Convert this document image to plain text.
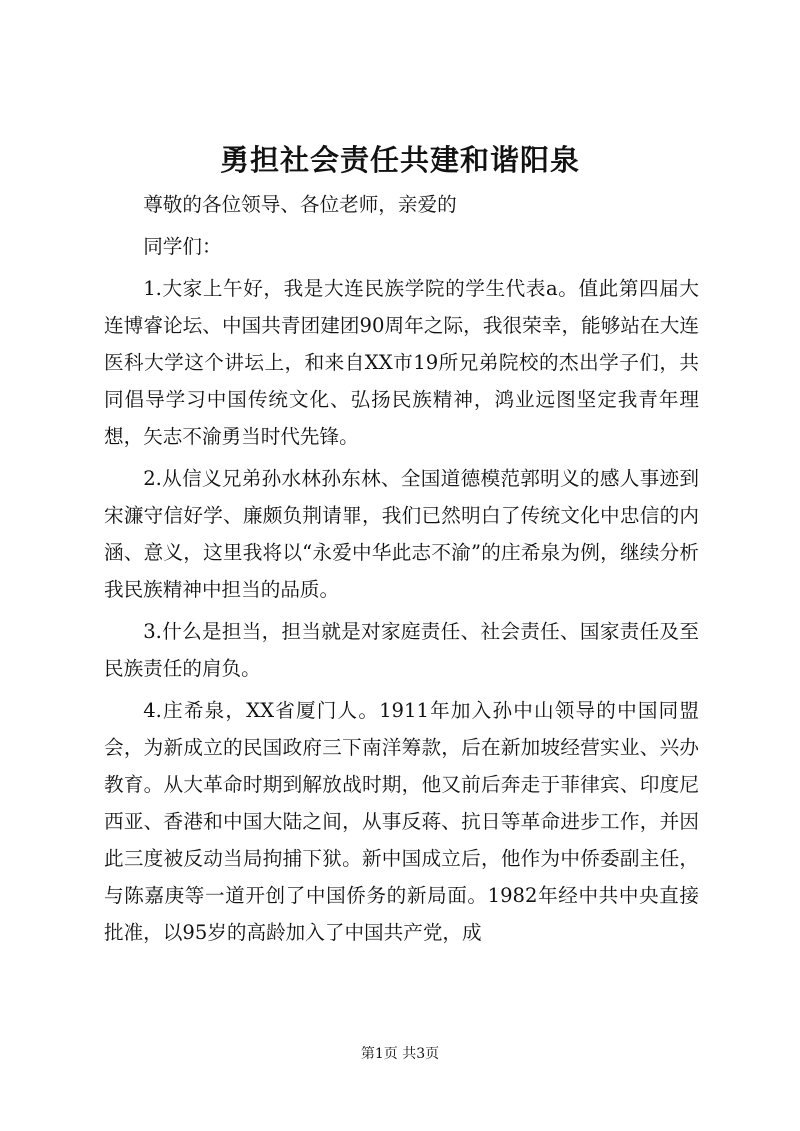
勇担社会责任共建和谐阳泉

尊敬的各位领导、各位老师，亲爱的

同学们：

1.大家上午好，我是大连民族学院的学生代表a。值此第四届大连博睿论坛、中国共青团建团90周年之际，我很荣幸，能够站在大连医科大学这个讲坛上，和来自XX市19所兄弟院校的杰出学子们，共同倡导学习中国传统文化、弘扬民族精神，鸿业远图坚定我青年理想，矢志不渝勇当时代先锋。

2.从信义兄弟孙水林孙东林、全国道德模范郭明义的感人事迹到宋濂守信好学、廉颇负荆请罪，我们已然明白了传统文化中忠信的内涵、意义，这里我将以“永爱中华此志不渝”的庄希泉为例，继续分析我民族精神中担当的品质。

3.什么是担当，担当就是对家庭责任、社会责任、国家责任及至民族责任的肩负。

4.庄希泉，XX省厦门人。1911年加入孙中山领导的中国同盟会，为新成立的民国政府三下南洋筹款，后在新加坡经营实业、兴办教育。从大革命时期到解放战时期，他又前后奔走于菲律宾、印度尼西亚、香港和中国大陆之间，从事反蒋、抗日等革命进步工作，并因此三度被反动当局拘捕下狱。新中国成立后，他作为中侨委副主任，与陈嘉庚等一道开创了中国侨务的新局面。1982年经中共中央直接批准，以95岁的高龄加入了中国共产党，成

第1页 共3页
